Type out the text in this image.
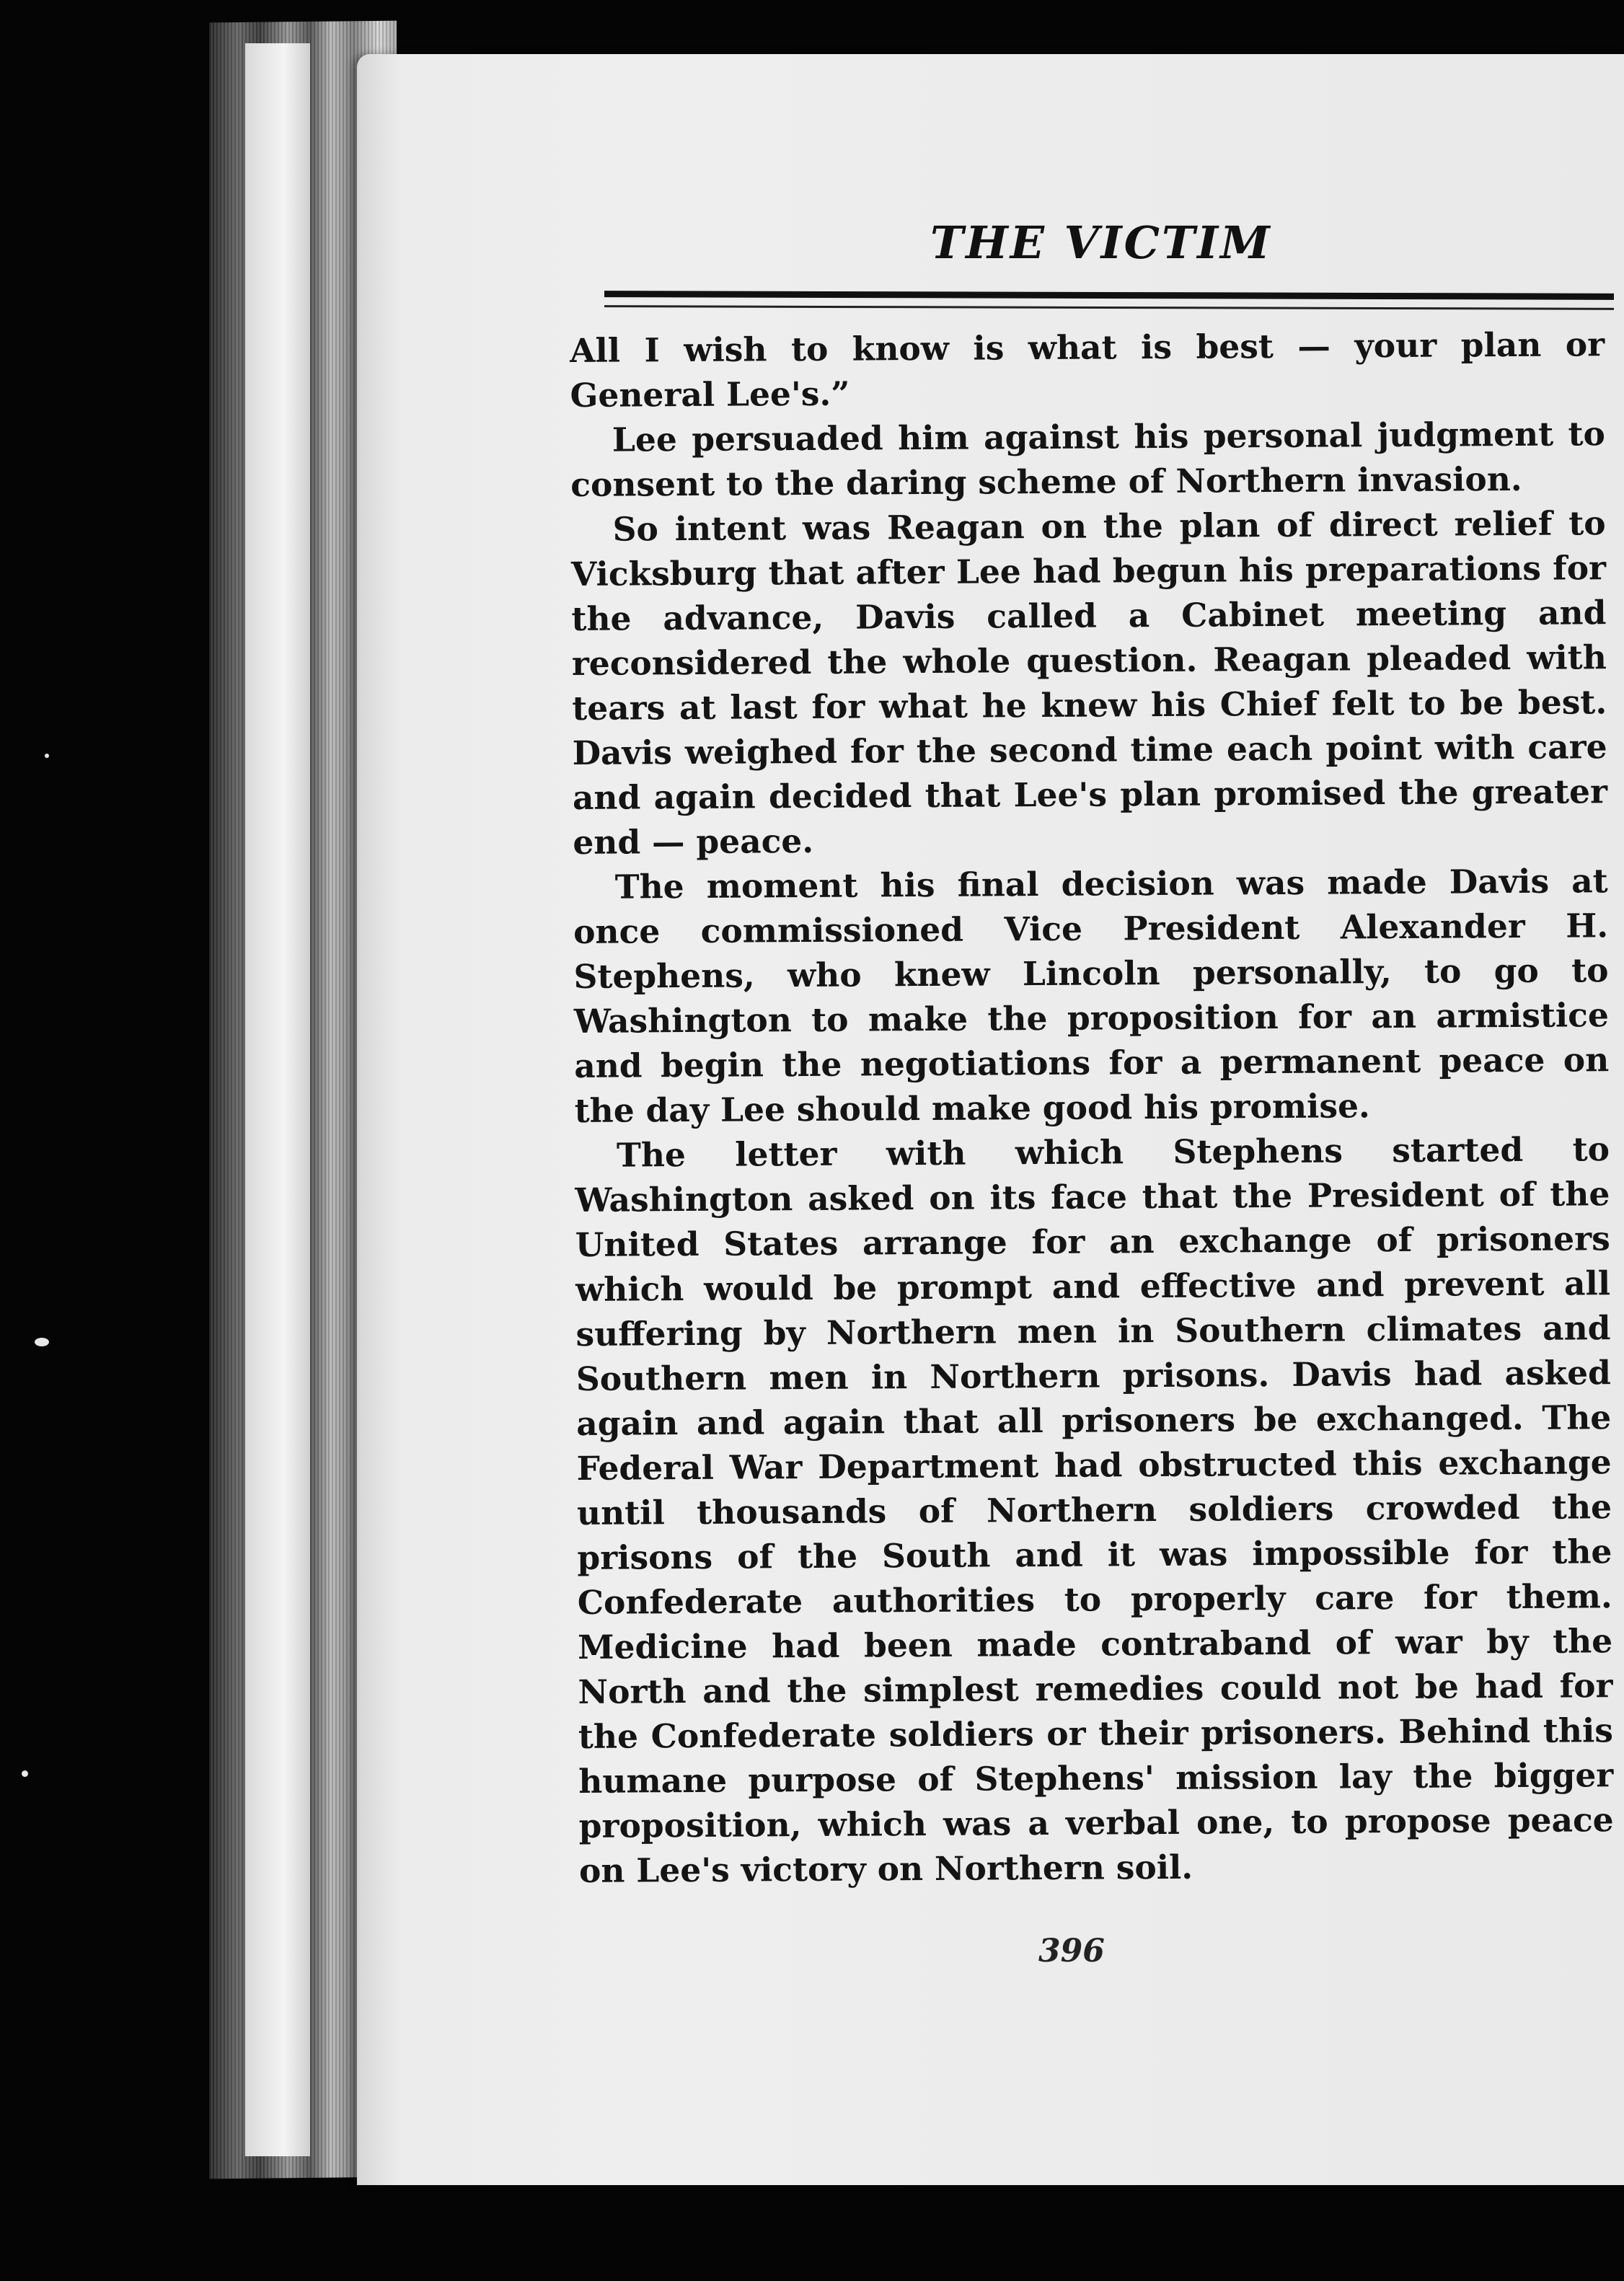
THE VICTIM

All I wish to know is what is best — your plan or General Lee's.”

Lee persuaded him against his personal judgment to consent to the daring scheme of Northern invasion.

So intent was Reagan on the plan of direct relief to Vicksburg that after Lee had begun his preparations for the advance, Davis called a Cabinet meeting and reconsidered the whole question. Reagan pleaded with tears at last for what he knew his Chief felt to be best. Davis weighed for the second time each point with care and again decided that Lee's plan promised the greater end — peace.

The moment his final decision was made Davis at once commissioned Vice President Alexander H. Stephens, who knew Lincoln personally, to go to Washington to make the proposition for an armistice and begin the negotiations for a permanent peace on the day Lee should make good his promise.

The letter with which Stephens started to Washington asked on its face that the President of the United States arrange for an exchange of prisoners which would be prompt and effective and prevent all suffering by Northern men in Southern climates and Southern men in Northern prisons. Davis had asked again and again that all prisoners be exchanged. The Federal War Department had obstructed this exchange until thousands of Northern soldiers crowded the prisons of the South and it was impossible for the Confederate authorities to properly care for them. Medicine had been made contraband of war by the North and the simplest remedies could not be had for the Confederate soldiers or their prisoners. Behind this humane purpose of Stephens' mission lay the bigger proposition, which was a verbal one, to propose peace on Lee's victory on Northern soil.

396
